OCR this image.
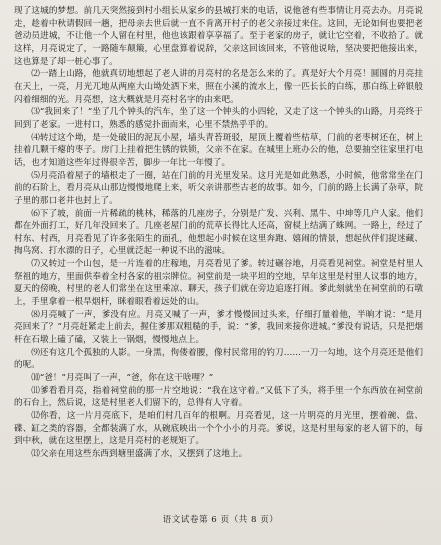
现了这城的梦想。前几天突然接到村小组长从家乡的县城打来的电话，说他爸有些事情让月亮去办。月亮说走，趁着中秋请假回一趟，把母亲去世后就一直不肯离开村子的老父亲接过来住。这回，无论如何也要把老爸动员进城，不让他一个人留在村里，他也该跟着享享福了。至于老家的房子，就让它空着，不收拾了。就这样，月亮说定了，一路随车颠簸，心里盘算着说辞，父亲这回该回来，不管他说啥，坚决要把他接出来，这也算是了却一桩心事了。

⑵一踏上山路，他就真切地想起了老人讲的月亮村的名是怎么来的了。真是好大个月亮！圆圆的月亮挂在天上，一亮，月光兀地从两座大山坳处洒下来，照在小溪的流水上，像一匹长长的白练，那白练上碎银般闪着细细的光。月亮想，这大概就是月亮村名字的由来吧。

⑶“我回来了！”坐了几个钟头的汽车，坐了这一个钟头的小四轮，又走了这一个钟头的山路，月亮终于回到了老家。一进村口，熟悉的感觉扑面而来，心里不禁热乎乎的。

⑷转过这个坳，是一处破旧的泥瓦小屋，墙头青苔斑驳，屋顶上覆着些枯草，门前的老枣树还在，树上挂着几颗干瘪的枣子。房门上挂着把生锈的铁锁，父亲不在家。在城里上班办公的他，总要抽空往家里打电话，也才知道这些年过得很辛苦，脚步一年比一年慢了。

⑸月亮沿着屋子的墙根走了一圈，站在门前的月光里发呆。这月光是如此熟悉，小时候，他常常坐在门前的石阶上，看月亮从山那边慢慢地爬上来，听父亲讲那些古老的故事。如今，门前的路上长满了杂草，院子里的那口老井也封上了。

⑹下了坡，前面一片稀疏的桃林，稀落的几座房子，分别是广发、兴利、黑牛、中坤等几户人家。他们都在外面打工，好几年没回来了。几座老屋门前的荒草长得比人还高，窗棂上结满了蛛网。一路上，经过了村东、村西，月亮看见了许多张陌生的面孔，他想起小时候在这里奔跑、嬉闹的情景，想起伙伴们捉迷藏、掏鸟窝、打水漂的日子，心里就泛起一种说不出的滋味。

⑺又转过一个山包，是一片连着的庄稼地，月亮看见了爹。转过碾谷地，月亮看见祠堂。祠堂是村里人祭祖的地方，里面供奉着全村各家的祖宗牌位。祠堂前是一块平坦的空地，早年这里是村里人议事的地方，夏天的傍晚，村里的老人们常坐在这里乘凉、聊天，孩子们就在旁边追逐打闹。爹此刻就坐在祠堂前的石墩上，手里拿着一根旱烟杆，眯着眼看着远处的山。

⑻月亮喊了一声，爹没有应。月亮又喊了一声，爹才慢慢回过头来，仔细打量着他，半晌才说：“是月亮回来了？”月亮赶紧走上前去，握住爹那双粗糙的手，说：“爹，我回来接你进城。”爹没有说话，只是把烟杆在石墩上磕了磕，又装上一锅烟，慢慢地点上。

⑼还有这几个孤独的人影。一身黑，佝偻着腰，像村民常用的钓刀……一刀一勾地，这个月亮还是他们的呢。

⑽“爸！”月亮叫了一声，“爸，你在这干啥哩？”

⑾爹看看月亮，指着祠堂前的那一片空地说：“我在这守着。”又低下了头，将手里一个东西放在祠堂前的石台上，然后说，这是村里老人们留下的，总得有人守着。

⑿你看，这一片月亮底下，是咱们村几百年的根啊。月亮看见，这一片明亮的月光里，摆着碗、盘、碟、缸之类的容器，全都装满了水，从碗底映出一个个小小的月亮。爹说，这是村里每家的老人留下的，每到中秋，就在这里摆上，这是月亮村的老规矩了。

⒀父亲在用这些东西到塘里盛满了水，又摆到了这地上。

语文试卷第 6 页（共 8 页）
